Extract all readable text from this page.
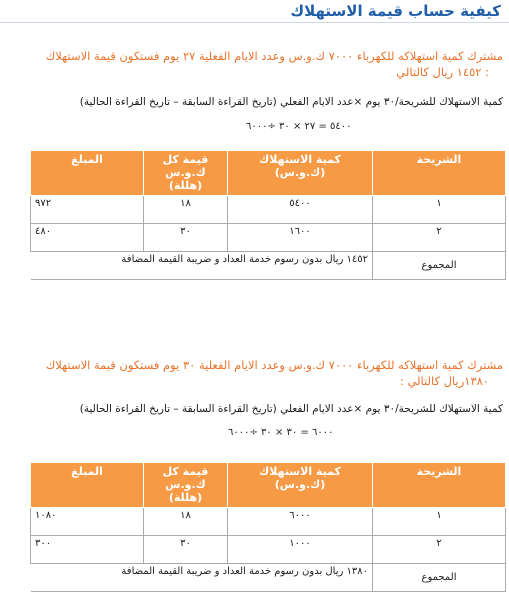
كيفية حساب قيمة الاستهلاك
مشترك كمية استهلاكه للكهرباء ٧٠٠٠ ك.و.س وعدد الايام الفعلية ٢٧ يوم فستكون قيمة الاستهلاك
: ١٤٥٢ ريال كالتالي
كمية الاستهلاك للشريحة/٣٠ يوم ×عدد الايام الفعلي (تاريخ القراءة السابقة – تاريخ القراءة الحالية)
٥٤٠٠ = ٢٧ × ٣٠ ÷٦٠٠٠
الشريحة	كمية الاستهلاك (ك.و.س)	قيمة كل ك.و.س (هللة)	المبلغ
١	٥٤٠٠	١٨	٩٧٢
٢	١٦٠٠	٣٠	٤٨٠
المجموع	١٤٥٢ ريال بدون رسوم خدمة العداد و ضريبة القيمة المضافة		
مشترك كمية استهلاكه للكهرباء ٧٠٠٠ ك.و.س وعدد الايام الفعلية ٣٠ يوم فستكون قيمة الاستهلاك
١٣٨٠ريال كالتالي :
كمية الاستهلاك للشريحة/٣٠ يوم ×عدد الايام الفعلي (تاريخ القراءة السابقة – تاريخ القراءة الحالية)
٦٠٠٠ = ٣٠ × ٣٠ ÷٦٠٠٠
الشريحة	كمية الاستهلاك (ك.و.س)	قيمة كل ك.و.س (هللة)	المبلغ
١	٦٠٠٠	١٨	١٠٨٠
٢	١٠٠٠	٣٠	٣٠٠
المجموع	١٣٨٠ ريال بدون رسوم خدمة العداد و ضريبة القيمة المضافة		
